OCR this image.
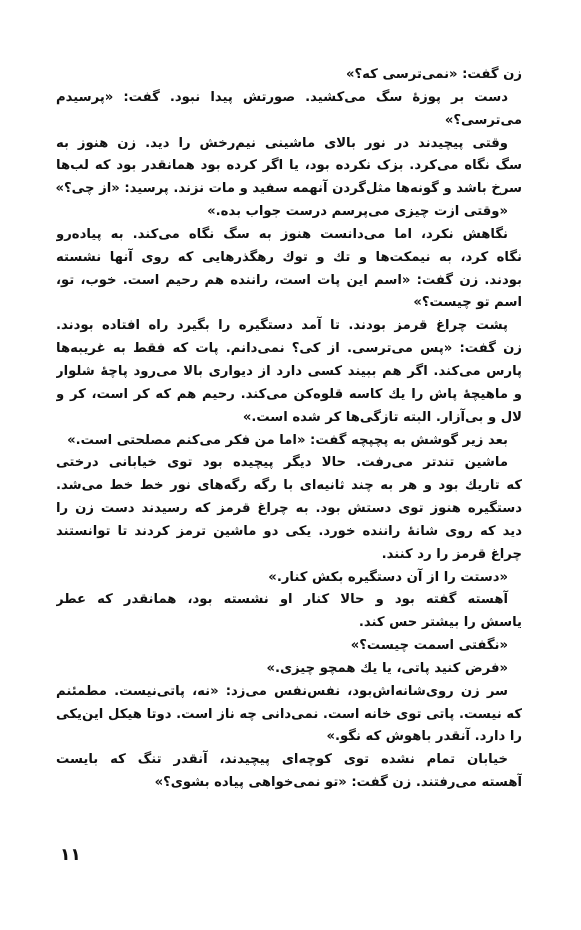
زن گفت: «نمی‌ترسی که؟»
دست بر پوزهٔ سگ می‌کشید. صورتش پیدا نبود. گفت: «پرسیدم
می‌ترسی؟»
وقتی پیچیدند در نور بالای ماشینی نیم‌رخش را دید. زن هنوز به
سگ نگاه می‌کرد. بزک نکرده بود، یا اگر کرده بود همانقدر بود که لب‌ها
سرخ باشد و گونه‌ها مثل‌گردن آنهمه سفید و مات نزند. پرسید: «از چی؟»
«وقتی ازت چیزی می‌پرسم درست جواب بده.»
نگاهش نکرد، اما می‌دانست هنوز به سگ نگاه می‌کند. به پیاده‌رو
نگاه کرد، به نیمکت‌ها و تك و توك رهگذرهایی که روی آنها نشسته
بودند. زن گفت: «اسم این پات است، راننده هم رحیم است. خوب، تو،
اسم تو چیست؟»
پشت چراغ قرمز بودند. تا آمد دستگیره را بگیرد راه افتاده بودند.
زن گفت: «پس می‌ترسی. از کی؟ نمی‌دانم. پات که فقط به غریبه‌ها
پارس می‌کند. اگر هم ببیند کسی دارد از دیواری بالا می‌رود پاچهٔ شلوار
و ماهیچهٔ پاش را یك کاسه قلوه‌کن می‌کند. رحیم هم که کر است، کر و
لال و بی‌آزار. البته تازگی‌ها کر شده است.»
بعد زیر گوشش به پچپچه گفت: «اما من فکر می‌کنم مصلحتی است.»
ماشین تندتر می‌رفت. حالا دیگر پیچیده بود توی خیابانی درختی
که تاریك بود و هر به چند ثانیه‌ای با رگه رگه‌های نور خط خط می‌شد.
دستگیره هنوز توی دستش بود. به چراغ قرمز که رسیدند دست زن را
دید که روی شانهٔ راننده خورد. یکی دو ماشین ترمز کردند تا توانستند
چراغ قرمز را رد کنند.
«دستت را از آن دستگیره بکش کنار.»
آهسته گفته بود و حالا کنار او نشسته بود، همانقدر که عطر
یاسش را بیشتر حس کند.
«نگفتی اسمت چیست؟»
«فرض کنید پاتی، یا یك همچو چیزی.»
سر زن روی‌شانه‌اش‌بود، نفس‌نفس می‌زد: «نه، پاتی‌نیست. مطمئنم
که نیست. پاتی توی خانه است. نمی‌دانی چه ناز است. دوتا هیکل این‌یکی
را دارد. آنقدر باهوش که نگو.»
خیابان تمام نشده توی کوچه‌ای پیچیدند، آنقدر تنگ که بایست
آهسته می‌رفتند. زن گفت: «تو نمی‌خواهی پیاده بشوی؟»
۱۱
